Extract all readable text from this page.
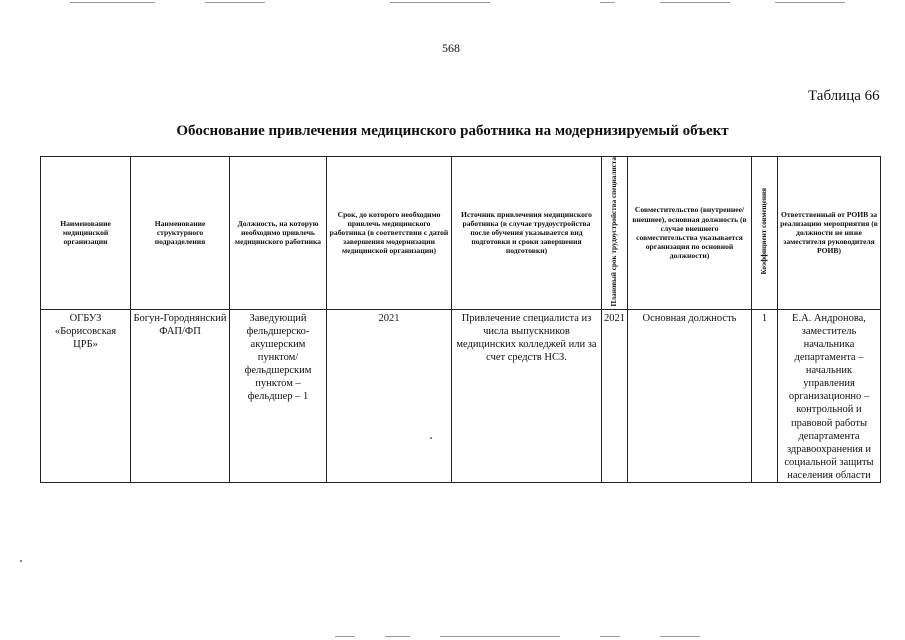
568
Таблица 66
Обоснование привлечения медицинского работника на модернизируемый объект
Наименование медицинской организации	Наименование структурного подразделения	Должность, на которую необходимо привлечь медицинского работника	Срок, до которого необходимо привлечь медицинского работника (в соответствии с датой завершения модернизации медицинской организации)	Источник привлечения медицинского работника (в случае трудоустройства после обучения указывается вид подготовки и сроки завершения подготовки)	Плановый срок трудоустройства специалиста	Совместительство (внутреннее/ внешнее), основная должность (в случае внешнего совместительства указывается организация по основной должности)	Коэффициент совмещения	Ответственный от РОИВ за реализацию мероприятия (в должности не ниже заместителя руководителя РОИВ)
ОГБУЗ «Борисовская ЦРБ»	Богун-Городнянский ФАП/ФП	Заведующий фельдшерско-акушерским пунктом/фельдшерским пунктом – фельдшер – 1	2021	Привлечение специалиста из числа выпускников медицинских колледжей или за счет средств НСЗ.	2021	Основная должность	1	Е.А. Андронова, заместитель начальника департамента – начальник управления организационно – контрольной и правовой работы департамента здравоохранения и социальной защиты населения области
